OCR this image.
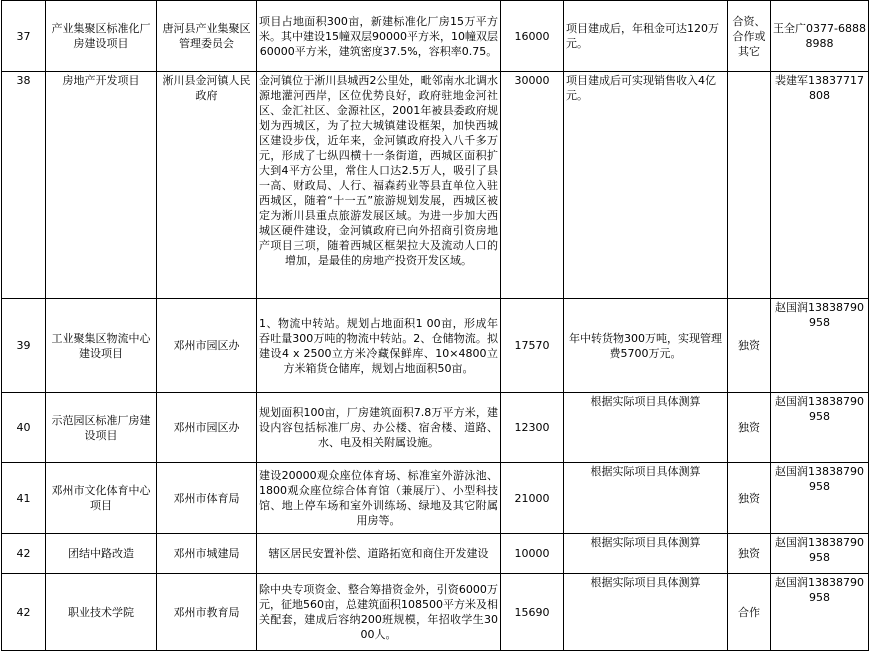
37	产业集聚区标准化厂房建设项目	唐河县产业集聚区管理委员会	项目占地面积300亩，新建标准化厂房15万平方米。其中建设15幢双层90000平方米，10幢双层60000平方米，建筑密度37.5%，容积率0.75。	16000	项目建成后，年租金可达120万元。	合资、合作或其它	王全广0377-68888988
38	房地产开发项目	淅川县金河镇人民政府	金河镇位于淅川县城西2公里处，毗邻南水北调水源地灌河西岸，区位优势良好，政府驻地金河社区、金汇社区、金源社区，2001年被县委政府规划为西城区，为了拉大城镇建设框架，加快西城区建设步伐，近年来，金河镇政府投入八千多万元，形成了七纵四横十一条街道，西城区面积扩大到4平方公里，常住人口达2.5万人，吸引了县一高、财政局、人行、福森药业等县直单位入驻西城区，随着“十一五”旅游规划发展，西城区被定为淅川县重点旅游发展区域。为进一步加大西城区硬件建设，金河镇政府已向外招商引资房地产项目三项，随着西城区框架拉大及流动人口的增加，是最佳的房地产投资开发区域。	30000	项目建成后可实现销售收入4亿元。		裴建军13837717808
39	工业聚集区物流中心建设项目	邓州市园区办	1、物流中转站。规划占地面积1 00亩，形成年吞吐量300万吨的物流中转站。2、仓储物流。拟建设4 x 2500立方米冷藏保鲜库、10×4800立方米箱货仓储库，规划占地面积50亩。	17570	年中转货物300万吨，实现管理费5700万元。	独资	赵国润13838790958
40	示范园区标准厂房建设项目	邓州市园区办	规划面积100亩，厂房建筑面积7.8万平方米，建设内容包括标准厂房、办公楼、宿舍楼、道路、水、电及相关附属设施。	12300	根据实际项目具体测算	独资	赵国润13838790958
41	邓州市文化体育中心项目	邓州市体育局	建设20000观众座位体育场、标准室外游泳池、1800观众座位综合体育馆（兼展厅）、小型科技馆、地上停车场和室外训练场、绿地及其它附属用房等。	21000	根据实际项目具体测算	独资	赵国润13838790958
42	团结中路改造	邓州市城建局	辖区居民安置补偿、道路拓宽和商住开发建设	10000	根据实际项目具体测算	独资	赵国润13838790958
42	职业技术学院	邓州市教育局	除中央专项资金、整合筹措资金外，引资6000万元，征地560亩，总建筑面积108500平方米及相关配套，建成后容纳200班规模，年招收学生3000人。	15690	根据实际项目具体测算	合作	赵国润13838790958
